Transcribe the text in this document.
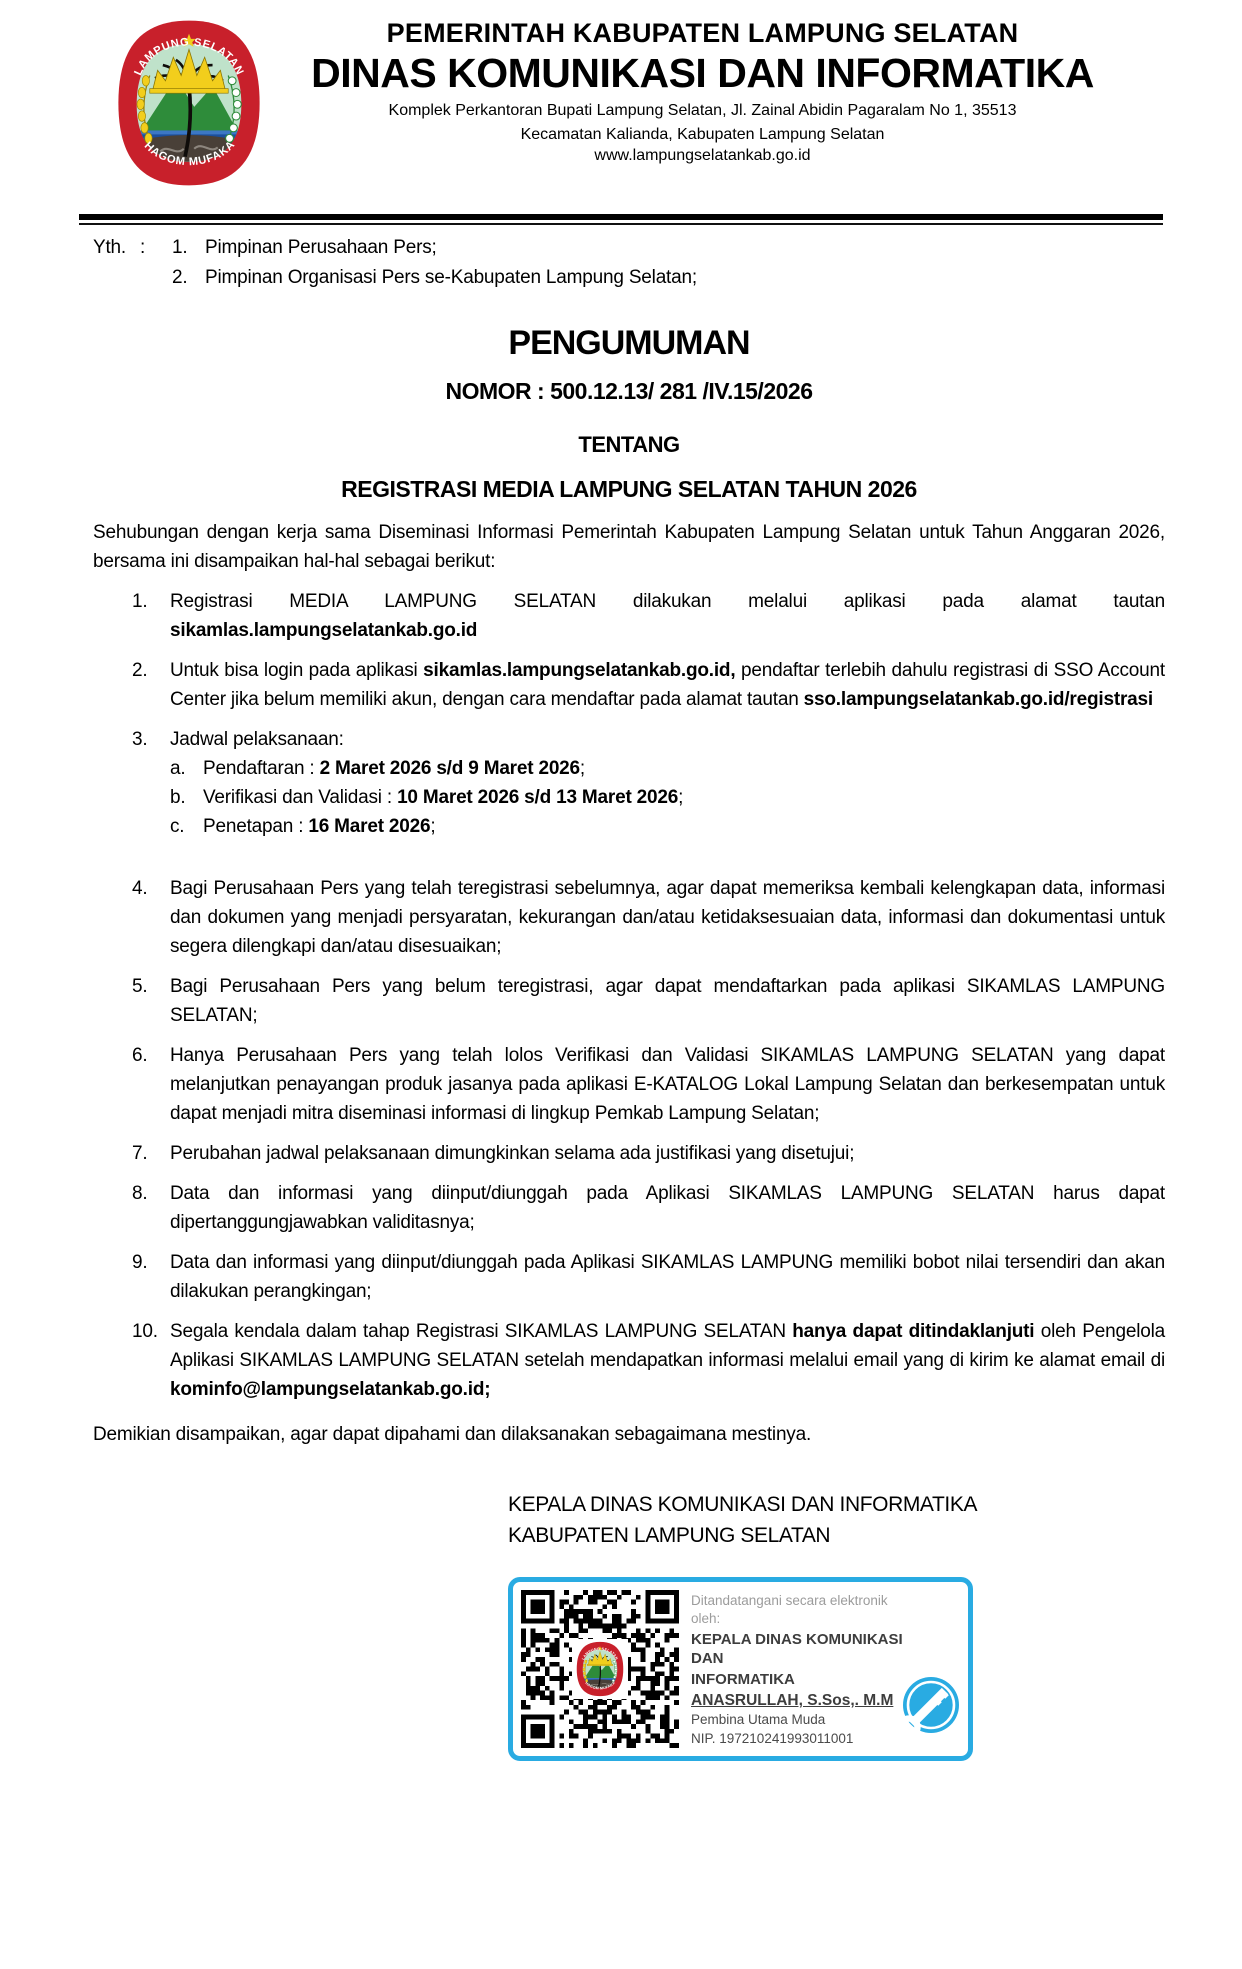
PEMERINTAH KABUPATEN LAMPUNG SELATAN
DINAS KOMUNIKASI DAN INFORMATIKA
Komplek Perkantoran Bupati Lampung Selatan, Jl. Zainal Abidin Pagaralam No 1, 35513
Kecamatan Kalianda, Kabupaten Lampung Selatan
www.lampungselatankab.go.id
Yth. :	1. Pimpinan Perusahaan Pers;
2. Pimpinan Organisasi Pers se-Kabupaten Lampung Selatan;
PENGUMUMAN
NOMOR : 500.12.13/ 281 /IV.15/2026
TENTANG
REGISTRASI MEDIA LAMPUNG SELATAN TAHUN 2026

Sehubungan dengan kerja sama Diseminasi Informasi Pemerintah Kabupaten Lampung Selatan untuk Tahun Anggaran 2026, bersama ini disampaikan hal-hal sebagai berikut:

1.	Registrasi MEDIA LAMPUNG SELATAN dilakukan melalui aplikasi pada alamat tautan sikamlas.lampungselatankab.go.id
2.	Untuk bisa login pada aplikasi sikamlas.lampungselatankab.go.id, pendaftar terlebih dahulu registrasi di SSO Account Center jika belum memiliki akun, dengan cara mendaftar pada alamat tautan sso.lampungselatankab.go.id/registrasi
3.	Jadwal pelaksanaan:
a. Pendaftaran : 2 Maret 2026 s/d 9 Maret 2026;
b. Verifikasi dan Validasi : 10 Maret 2026 s/d 13 Maret 2026;
c. Penetapan : 16 Maret 2026;
4.	Bagi Perusahaan Pers yang telah teregistrasi sebelumnya, agar dapat memeriksa kembali kelengkapan data, informasi dan dokumen yang menjadi persyaratan, kekurangan dan/atau ketidaksesuaian data, informasi dan dokumentasi untuk segera dilengkapi dan/atau disesuaikan;
5.	Bagi Perusahaan Pers yang belum teregistrasi, agar dapat mendaftarkan pada aplikasi SIKAMLAS LAMPUNG SELATAN;
6.	Hanya Perusahaan Pers yang telah lolos Verifikasi dan Validasi SIKAMLAS LAMPUNG SELATAN yang dapat melanjutkan penayangan produk jasanya pada aplikasi E-KATALOG Lokal Lampung Selatan dan berkesempatan untuk dapat menjadi mitra diseminasi informasi di lingkup Pemkab Lampung Selatan;
7.	Perubahan jadwal pelaksanaan dimungkinkan selama ada justifikasi yang disetujui;
8.	Data dan informasi yang diinput/diunggah pada Aplikasi SIKAMLAS LAMPUNG SELATAN harus dapat dipertanggungjawabkan validitasnya;
9.	Data dan informasi yang diinput/diunggah pada Aplikasi SIKAMLAS LAMPUNG memiliki bobot nilai tersendiri dan akan dilakukan perangkingan;
10. Segala kendala dalam tahap Registrasi SIKAMLAS LAMPUNG SELATAN hanya dapat ditindaklanjuti oleh Pengelola Aplikasi SIKAMLAS LAMPUNG SELATAN setelah mendapatkan informasi melalui email yang di kirim ke alamat email di kominfo@lampungselatankab.go.id;

Demikian disampaikan, agar dapat dipahami dan dilaksanakan sebagaimana mestinya.

KEPALA DINAS KOMUNIKASI DAN INFORMATIKA
KABUPATEN LAMPUNG SELATAN
Ditandatangani secara elektronik oleh:
KEPALA DINAS KOMUNIKASI DAN
INFORMATIKA
ANASRULLAH, S.Sos,. M.M
Pembina Utama Muda
NIP. 197210241993011001
